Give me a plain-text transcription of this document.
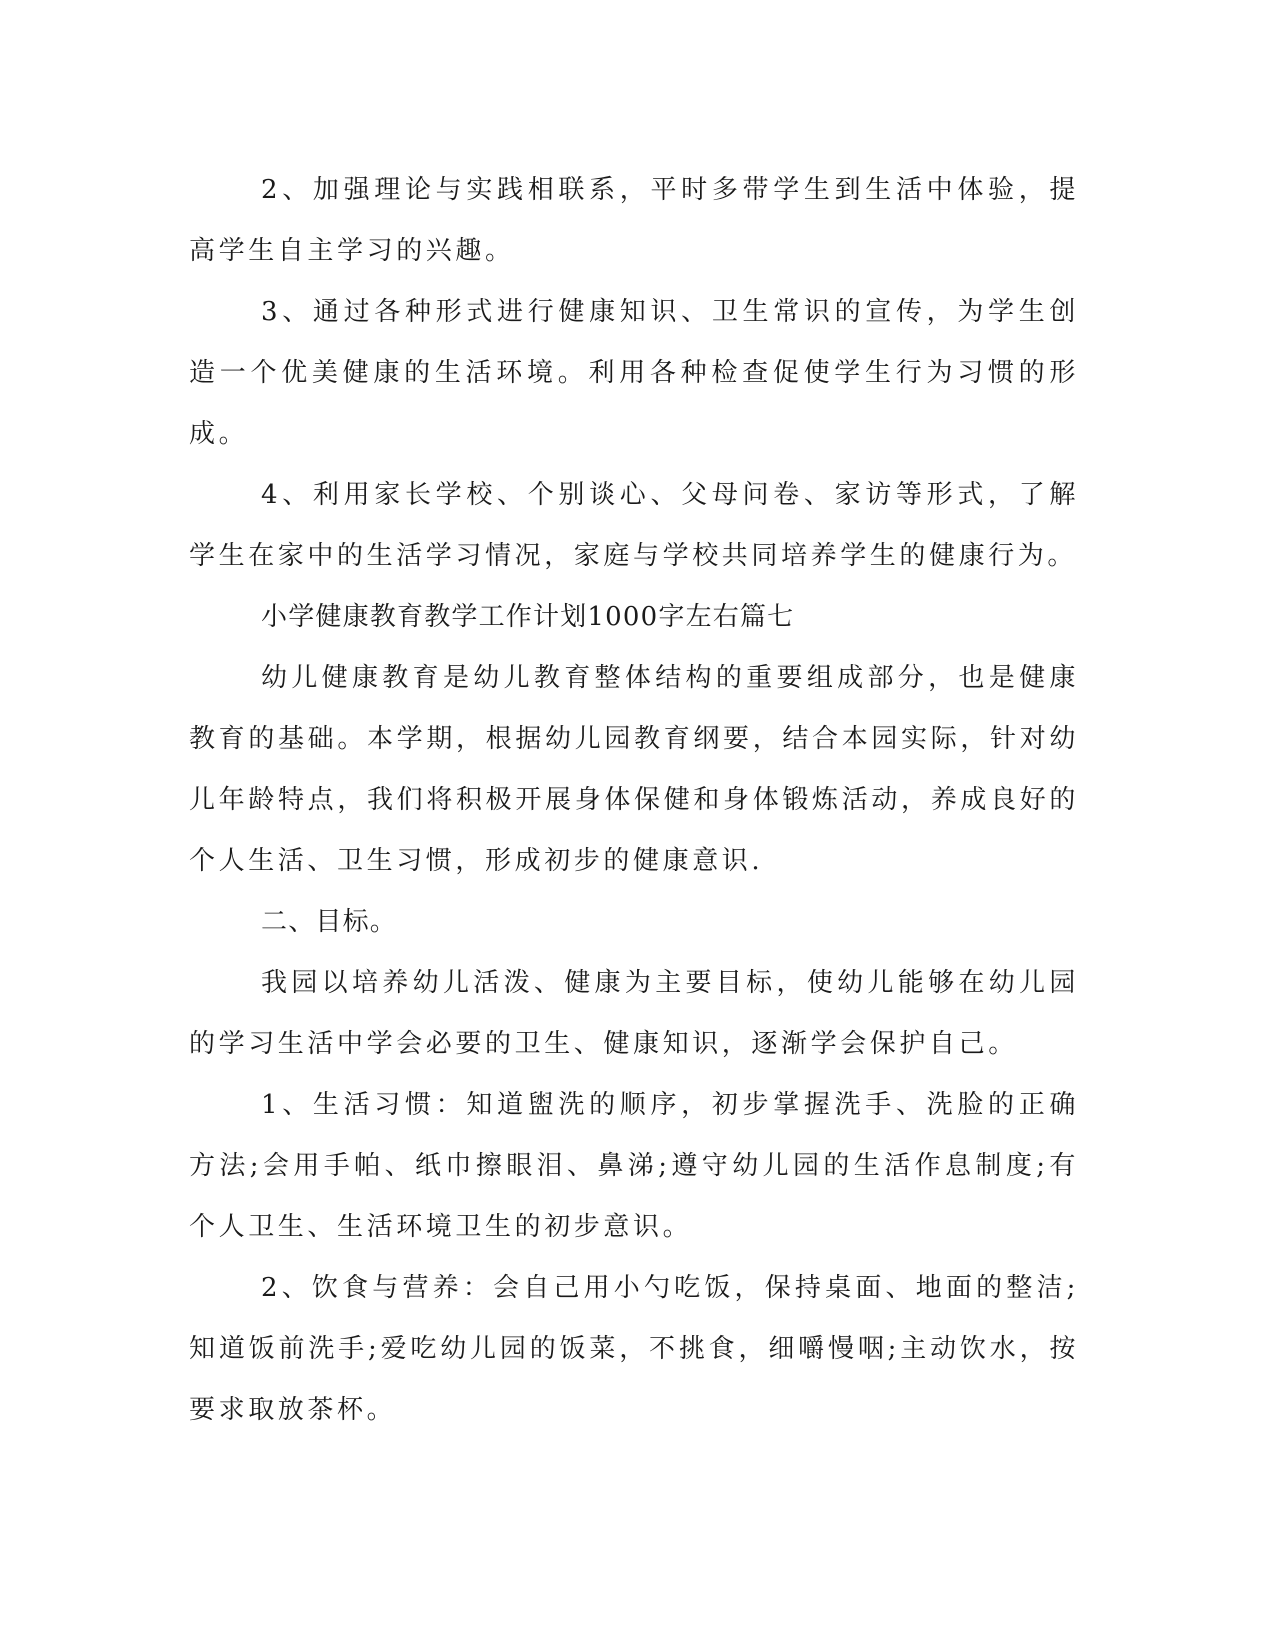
2、加强理论与实践相联系，平时多带学生到生活中体验，提高学生自主学习的兴趣。

3、通过各种形式进行健康知识、卫生常识的宣传，为学生创造一个优美健康的生活环境。利用各种检查促使学生行为习惯的形成。

4、利用家长学校、个别谈心、父母问卷、家访等形式，了解学生在家中的生活学习情况，家庭与学校共同培养学生的健康行为。

小学健康教育教学工作计划1000字左右篇七

幼儿健康教育是幼儿教育整体结构的重要组成部分，也是健康教育的基础。本学期，根据幼儿园教育纲要，结合本园实际，针对幼儿年龄特点，我们将积极开展身体保健和身体锻炼活动，养成良好的个人生活、卫生习惯，形成初步的健康意识.

二、目标。

我园以培养幼儿活泼、健康为主要目标，使幼儿能够在幼儿园的学习生活中学会必要的卫生、健康知识，逐渐学会保护自己。

1、生活习惯：知道盥洗的顺序，初步掌握洗手、洗脸的正确方法;会用手帕、纸巾擦眼泪、鼻涕;遵守幼儿园的生活作息制度;有个人卫生、生活环境卫生的初步意识。

2、饮食与营养：会自己用小勺吃饭，保持桌面、地面的整洁;知道饭前洗手;爱吃幼儿园的饭菜，不挑食，细嚼慢咽;主动饮水，按要求取放茶杯。
